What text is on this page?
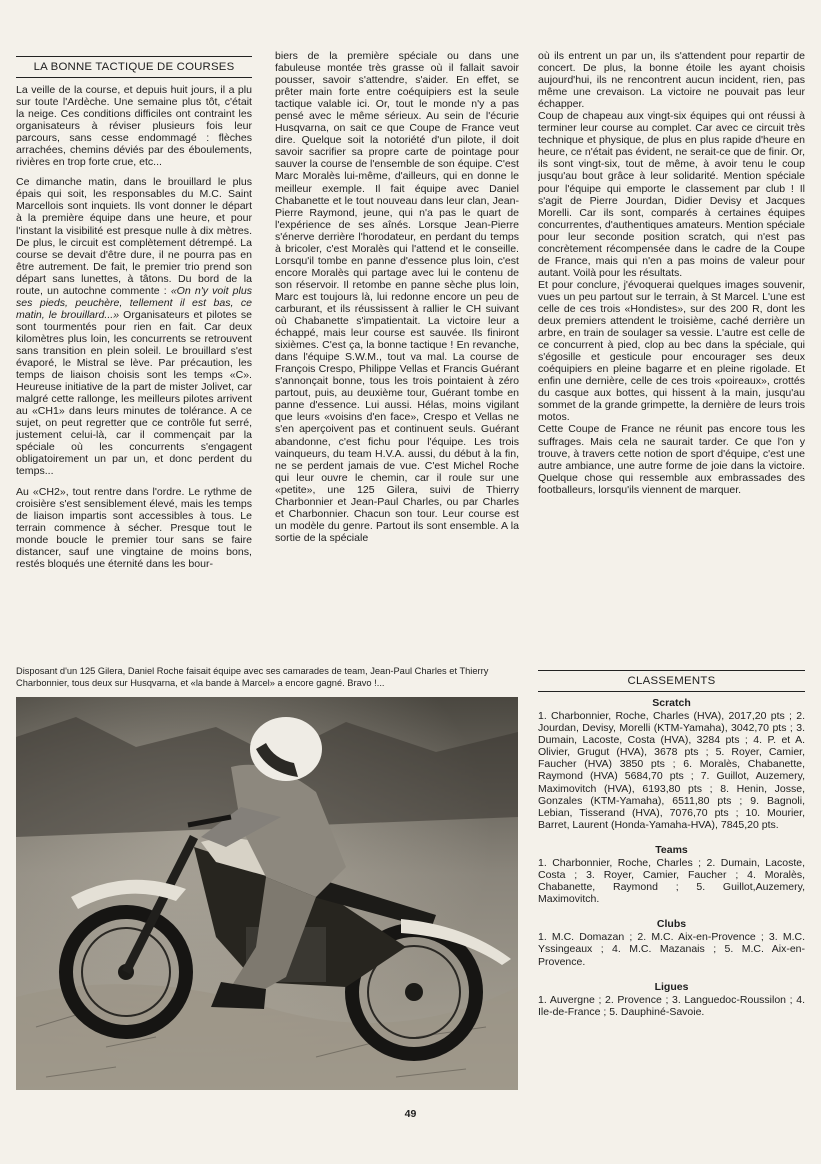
LA BONNE TACTIQUE DE COURSES

La veille de la course, et depuis huit jours, il a plu sur toute l'Ardèche. Une semaine plus tôt, c'était la neige. Ces conditions difficiles ont contraint les organisateurs à réviser plusieurs fois leur parcours, sans cesse endommagé : flèches arrachées, chemins déviés par des éboulements, rivières en trop forte crue, etc...

Ce dimanche matin, dans le brouillard le plus épais qui soit, les responsables du M.C. Saint Marcellois sont inquiets. Ils vont donner le départ à la première équipe dans une heure, et pour l'instant la visibilité est presque nulle à dix mètres. De plus, le circuit est complètement détrempé. La course se devait d'être dure, il ne pourra pas en être autrement. De fait, le premier trio prend son départ sans lunettes, à tâtons. Du bord de la route, un autochne commente : «On n'y voit plus ses pieds, peuchère, tellement il est bas, ce matin, le brouillard...» Organisateurs et pilotes se sont tourmentés pour rien en fait. Car deux kilomètres plus loin, les concurrents se retrouvent sans transition en plein soleil. Le brouillard s'est évaporé, le Mistral se lève. Par précaution, les temps de liaison choisis sont les temps «C». Heureuse initiative de la part de mister Jolivet, car malgré cette rallonge, les meilleurs pilotes arrivent au «CH1» dans leurs minutes de tolérance. A ce sujet, on peut regretter que ce contrôle fut serré, justement celui-là, car il commençait par la spéciale où les concurrents s'engagent obligatoirement un par un, et donc perdent du temps...

Au «CH2», tout rentre dans l'ordre. Le rythme de croisière s'est sensiblement élevé, mais les temps de liaison impartis sont accessibles à tous. Le terrain commence à sécher. Presque tout le monde boucle le premier tour sans se faire distancer, sauf une vingtaine de moins bons, restés bloqués une éternité dans les bour-

biers de la première spéciale ou dans une fabuleuse montée très grasse où il fallait savoir pousser, savoir s'attendre, s'aider. En effet, se prêter main forte entre coéquipiers est la seule tactique valable ici. Or, tout le monde n'y a pas pensé avec le même sérieux. Au sein de l'écurie Husqvarna, on sait ce que Coupe de France veut dire. Quelque soit la notoriété d'un pilote, il doit savoir sacrifier sa propre carte de pointage pour sauver la course de l'ensemble de son équipe. C'est Marc Moralès lui-même, d'ailleurs, qui en donne le meilleur exemple. Il fait équipe avec Daniel Chabanette et le tout nouveau dans leur clan, Jean-Pierre Raymond, jeune, qui n'a pas le quart de l'expérience de ses aînés. Lorsque Jean-Pierre s'énerve derrière l'horodateur, en perdant du temps à bricoler, c'est Moralès qui l'attend et le conseille. Lorsqu'il tombe en panne d'essence plus loin, c'est encore Moralès qui partage avec lui le contenu de son réservoir. Il retombe en panne sèche plus loin, Marc est toujours là, lui redonne encore un peu de carburant, et ils réussissent à rallier le CH suivant où Chabanette s'impatientait. La victoire leur a échappé, mais leur course est sauvée. Ils finiront sixièmes. C'est ça, la bonne tactique ! En revanche, dans l'équipe S.W.M., tout va mal. La course de François Crespo, Philippe Vellas et Francis Guérant s'annonçait bonne, tous les trois pointaient à zéro partout, puis, au deuxième tour, Guérant tombe en panne d'essence. Lui aussi. Hélas, moins vigilant que leurs «voisins d'en face», Crespo et Vellas ne s'en aperçoivent pas et continuent seuls. Guérant abandonne, c'est fichu pour l'équipe. Les trois vainqueurs, du team H.V.A. aussi, du début à la fin, ne se perdent jamais de vue. C'est Michel Roche qui leur ouvre le chemin, car il roule sur une «petite», une 125 Gilera, suivi de Thierry Charbonnier et Jean-Paul Charles, ou par Charles et Charbonnier. Chacun son tour. Leur course est un modèle du genre. Partout ils sont ensemble. A la sortie de la spéciale

où ils entrent un par un, ils s'attendent pour repartir de concert. De plus, la bonne étoile les ayant choisis aujourd'hui, ils ne rencontrent aucun incident, rien, pas même une crevaison. La victoire ne pouvait pas leur échapper.

Coup de chapeau aux vingt-six équipes qui ont réussi à terminer leur course au complet. Car avec ce circuit très technique et physique, de plus en plus rapide d'heure en heure, ce n'était pas évident, ne serait-ce que de finir. Or, ils sont vingt-six, tout de même, à avoir tenu le coup jusqu'au bout grâce à leur solidarité. Mention spéciale pour l'équipe qui emporte le classement par club ! Il s'agit de Pierre Jourdan, Didier Devisy et Jacques Morelli. Car ils sont, comparés à certaines équipes concurrentes, d'authentiques amateurs. Mention spéciale pour leur seconde position scratch, qui n'est pas concrètement récompensée dans le cadre de la Coupe de France, mais qui n'en a pas moins de valeur pour autant. Voilà pour les résultats.

Et pour conclure, j'évoquerai quelques images souvenir, vues un peu partout sur le terrain, à St Marcel. L'une est celle de ces trois «Hondistes», sur des 200 R, dont les deux premiers attendent le troisième, caché derrière un arbre, en train de soulager sa vessie. L'autre est celle de ce concurrent à pied, clop au bec dans la spéciale, qui s'égosille et gesticule pour encourager ses deux coéquipiers en pleine bagarre et en pleine rigolade. Et enfin une dernière, celle de ces trois «poireaux», crottés du casque aux bottes, qui hissent à la main, jusqu'au sommet de la grande grimpette, la dernière de leurs trois motos.

Cette Coupe de France ne réunit pas encore tous les suffrages. Mais cela ne saurait tarder. Ce que l'on y trouve, à travers cette notion de sport d'équipe, c'est une autre ambiance, une autre forme de joie dans la victoire. Quelque chose qui ressemble aux embrassades des footballeurs, lorsqu'ils viennent de marquer.

Disposant d'un 125 Gilera, Daniel Roche faisait équipe avec ses camarades de team, Jean-Paul Charles et Thierry Charbonnier, tous deux sur Husqvarna, et «la bande à Marcel» a encore gagné. Bravo !...	CLASSEMENTS
Scratch

1. Charbonnier, Roche, Charles (HVA), 2017,20 pts ; 2. Jourdan, Devisy, Morelli (KTM-Yamaha), 3042,70 pts ; 3. Dumain, Lacoste, Costa (HVA), 3284 pts ; 4. P. et A. Olivier, Grugut (HVA), 3678 pts ; 5. Royer, Camier, Faucher (HVA) 3850 pts ; 6. Moralès, Chabanette, Raymond (HVA) 5684,70 pts ; 7. Guillot, Auzemery, Maximovitch (HVA), 6193,80 pts ; 8. Henin, Josse, Gonzales (KTM-Yamaha), 6511,80 pts ; 9. Bagnoli, Lebian, Tisserand (HVA), 7076,70 pts ; 10. Mourier, Barret, Laurent (Honda-Yamaha-HVA), 7845,20 pts.

Teams

1. Charbonnier, Roche, Charles ; 2. Dumain, Lacoste, Costa ; 3. Royer, Camier, Faucher ; 4. Moralès, Chabanette, Raymond ; 5. Guillot,Auzemery, Maximovitch.

Clubs

1. M.C. Domazan ; 2. M.C. Aix-en-Provence ; 3. M.C. Yssingeaux ; 4. M.C. Mazanais ; 5. M.C. Aix-en-Provence.

Ligues

1. Auvergne ; 2. Provence ; 3. Languedoc-Roussilon ; 4. Ile-de-France ; 5. Dauphiné-Savoie.

49
